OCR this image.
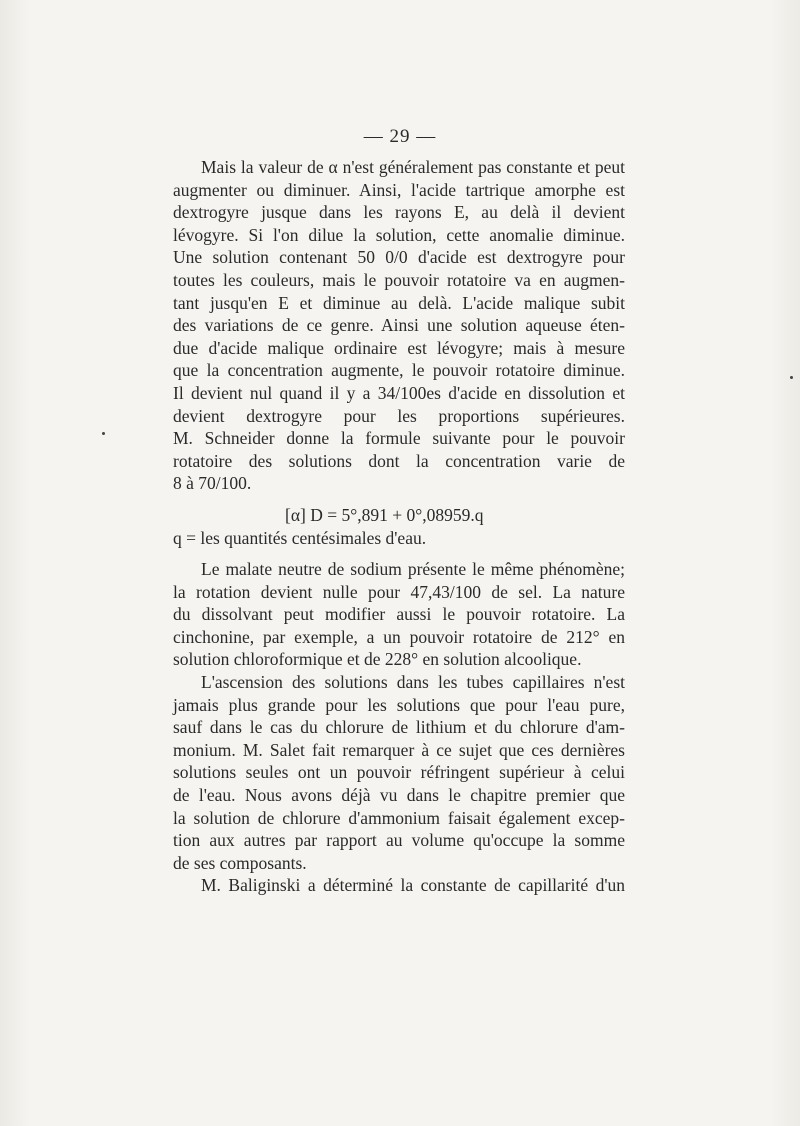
— 29 —
Mais la valeur de α n'est généralement pas constante et peut
augmenter ou diminuer. Ainsi, l'acide tartrique amorphe est
dextrogyre jusque dans les rayons E, au delà il devient
lévogyre. Si l'on dilue la solution, cette anomalie diminue.
Une solution contenant 50 0/0 d'acide est dextrogyre pour
toutes les couleurs, mais le pouvoir rotatoire va en augmen-
tant jusqu'en E et diminue au delà. L'acide malique subit
des variations de ce genre. Ainsi une solution aqueuse éten-
due d'acide malique ordinaire est lévogyre; mais à mesure
que la concentration augmente, le pouvoir rotatoire diminue.
Il devient nul quand il y a 34/100es d'acide en dissolution et
devient dextrogyre pour les proportions supérieures.
M. Schneider donne la formule suivante pour le pouvoir
rotatoire des solutions dont la concentration varie de
8 à 70/100.
[α] D = 5°,891 + 0°,08959.q
q = les quantités centésimales d'eau.
Le malate neutre de sodium présente le même phénomène;
la rotation devient nulle pour 47,43/100 de sel. La nature
du dissolvant peut modifier aussi le pouvoir rotatoire. La
cinchonine, par exemple, a un pouvoir rotatoire de 212° en
solution chloroformique et de 228° en solution alcoolique.
L'ascension des solutions dans les tubes capillaires n'est
jamais plus grande pour les solutions que pour l'eau pure,
sauf dans le cas du chlorure de lithium et du chlorure d'am-
monium. M. Salet fait remarquer à ce sujet que ces dernières
solutions seules ont un pouvoir réfringent supérieur à celui
de l'eau. Nous avons déjà vu dans le chapitre premier que
la solution de chlorure d'ammonium faisait également excep-
tion aux autres par rapport au volume qu'occupe la somme
de ses composants.
M. Baliginski a déterminé la constante de capillarité d'un
